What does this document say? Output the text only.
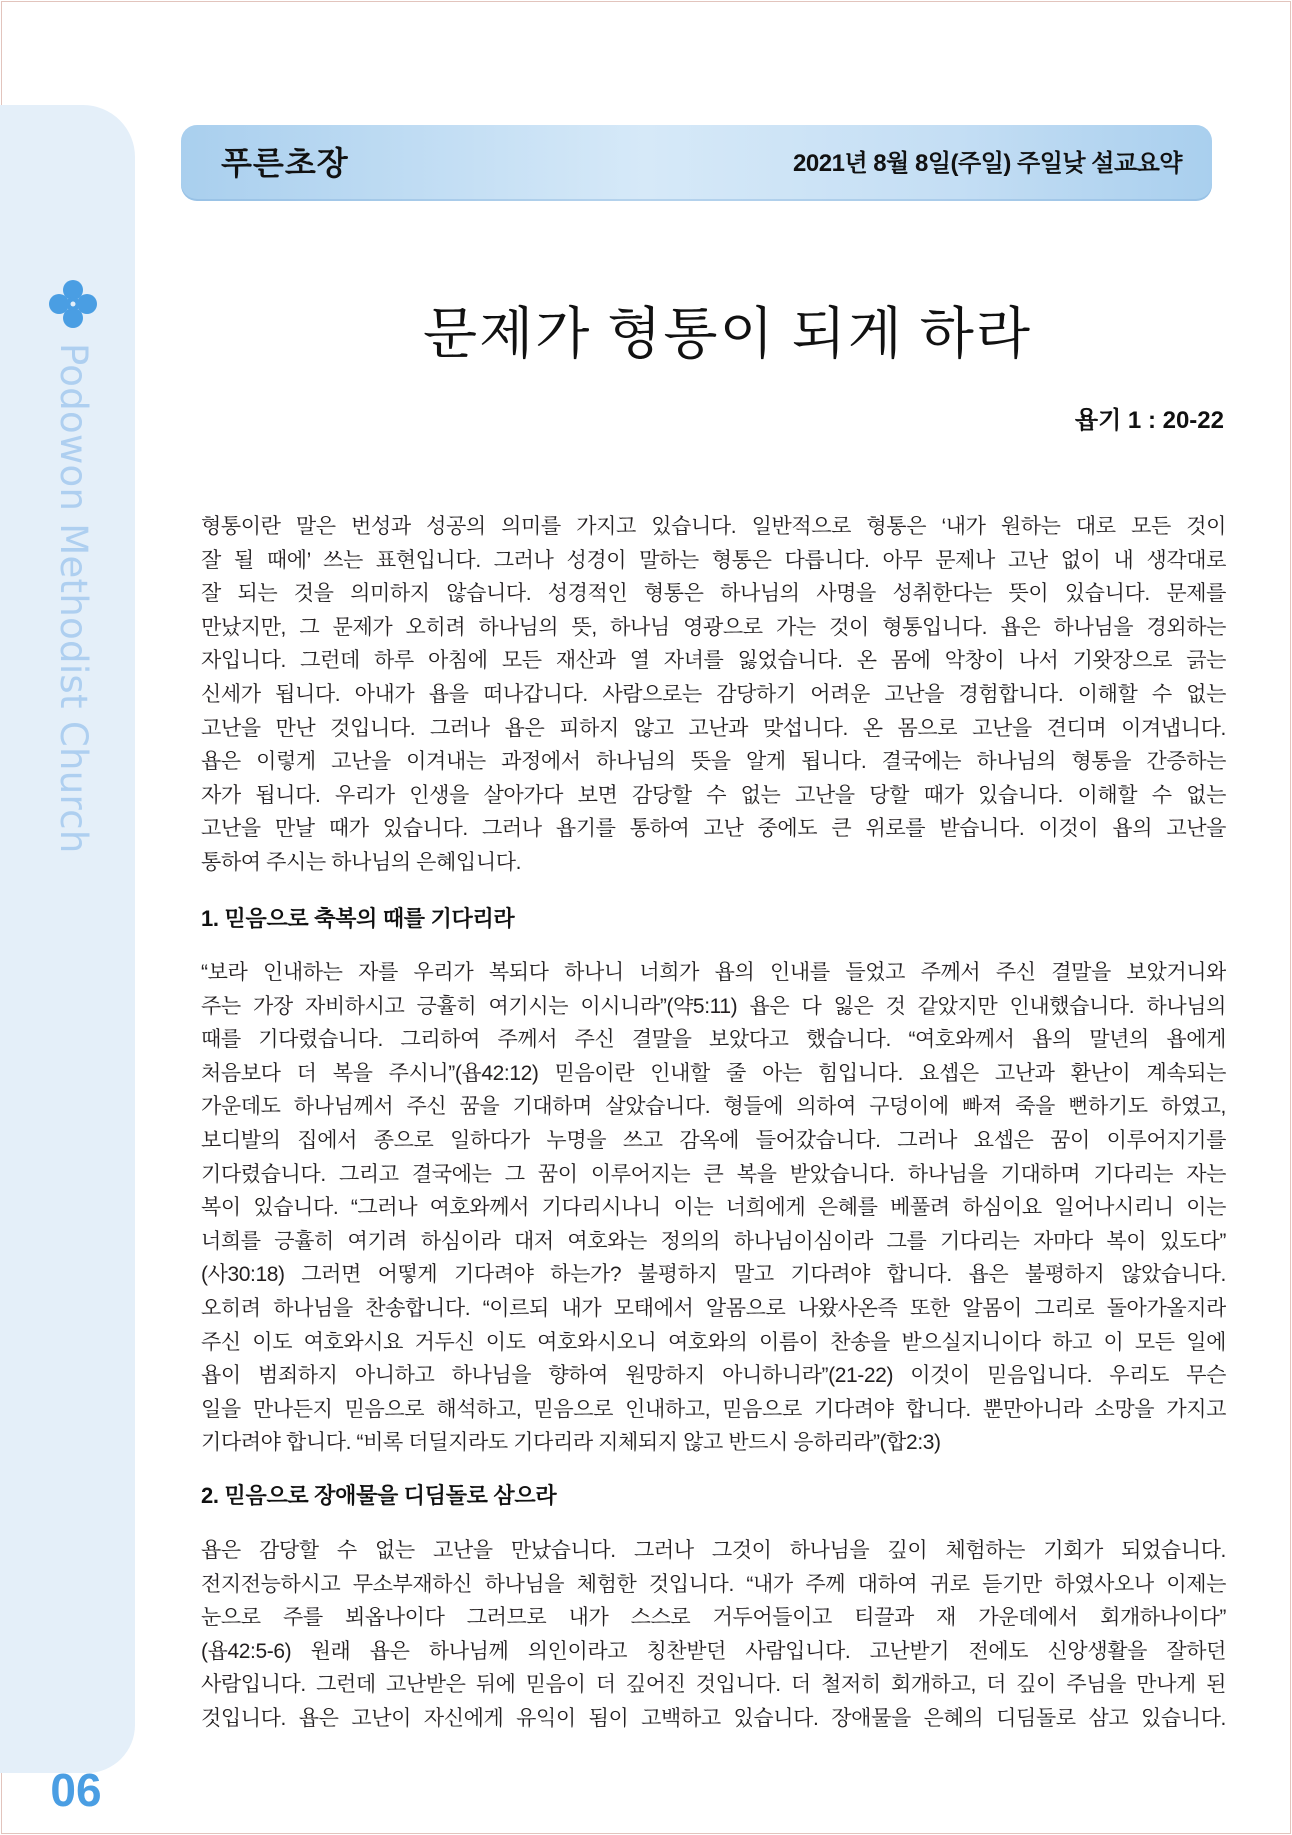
Podowon Methodist Church
06
푸른초장	2021년 8월 8일(주일) 주일낮 설교요약
문제가 형통이 되게 하라
욥기 1 : 20-22
형통이란 말은 번성과 성공의 의미를 가지고 있습니다. 일반적으로 형통은 ‘내가 원하는 대로 모든 것이
잘 될 때에’ 쓰는 표현입니다. 그러나 성경이 말하는 형통은 다릅니다. 아무 문제나 고난 없이 내 생각대로
잘 되는 것을 의미하지 않습니다. 성경적인 형통은 하나님의 사명을 성취한다는 뜻이 있습니다. 문제를
만났지만, 그 문제가 오히려 하나님의 뜻, 하나님 영광으로 가는 것이 형통입니다. 욥은 하나님을 경외하는
자입니다. 그런데 하루 아침에 모든 재산과 열 자녀를 잃었습니다. 온 몸에 악창이 나서 기왓장으로 긁는
신세가 됩니다. 아내가 욥을 떠나갑니다. 사람으로는 감당하기 어려운 고난을 경험합니다. 이해할 수 없는
고난을 만난 것입니다. 그러나 욥은 피하지 않고 고난과 맞섭니다. 온 몸으로 고난을 견디며 이겨냅니다.
욥은 이렇게 고난을 이겨내는 과정에서 하나님의 뜻을 알게 됩니다. 결국에는 하나님의 형통을 간증하는
자가 됩니다. 우리가 인생을 살아가다 보면 감당할 수 없는 고난을 당할 때가 있습니다. 이해할 수 없는
고난을 만날 때가 있습니다. 그러나 욥기를 통하여 고난 중에도 큰 위로를 받습니다. 이것이 욥의 고난을
통하여 주시는 하나님의 은혜입니다.
1. 믿음으로 축복의 때를 기다리라
“보라 인내하는 자를 우리가 복되다 하나니 너희가 욥의 인내를 들었고 주께서 주신 결말을 보았거니와
주는 가장 자비하시고 긍휼히 여기시는 이시니라”(약5:11) 욥은 다 잃은 것 같았지만 인내했습니다. 하나님의
때를 기다렸습니다. 그리하여 주께서 주신 결말을 보았다고 했습니다. “여호와께서 욥의 말년의 욥에게
처음보다 더 복을 주시니”(욥42:12) 믿음이란 인내할 줄 아는 힘입니다. 요셉은 고난과 환난이 계속되는
가운데도 하나님께서 주신 꿈을 기대하며 살았습니다. 형들에 의하여 구덩이에 빠져 죽을 뻔하기도 하였고,
보디발의 집에서 종으로 일하다가 누명을 쓰고 감옥에 들어갔습니다. 그러나 요셉은 꿈이 이루어지기를
기다렸습니다. 그리고 결국에는 그 꿈이 이루어지는 큰 복을 받았습니다. 하나님을 기대하며 기다리는 자는
복이 있습니다. “그러나 여호와께서 기다리시나니 이는 너희에게 은혜를 베풀려 하심이요 일어나시리니 이는
너희를 긍휼히 여기려 하심이라 대저 여호와는 정의의 하나님이심이라 그를 기다리는 자마다 복이 있도다”
(사30:18) 그러면 어떻게 기다려야 하는가? 불평하지 말고 기다려야 합니다. 욥은 불평하지 않았습니다.
오히려 하나님을 찬송합니다. “이르되 내가 모태에서 알몸으로 나왔사온즉 또한 알몸이 그리로 돌아가올지라
주신 이도 여호와시요 거두신 이도 여호와시오니 여호와의 이름이 찬송을 받으실지니이다 하고 이 모든 일에
욥이 범죄하지 아니하고 하나님을 향하여 원망하지 아니하니라”(21-22) 이것이 믿음입니다. 우리도 무슨
일을 만나든지 믿음으로 해석하고, 믿음으로 인내하고, 믿음으로 기다려야 합니다. 뿐만아니라 소망을 가지고
기다려야 합니다. “비록 더딜지라도 기다리라 지체되지 않고 반드시 응하리라”(합2:3)
2. 믿음으로 장애물을 디딤돌로 삼으라
욥은 감당할 수 없는 고난을 만났습니다. 그러나 그것이 하나님을 깊이 체험하는 기회가 되었습니다.
전지전능하시고 무소부재하신 하나님을 체험한 것입니다. “내가 주께 대하여 귀로 듣기만 하였사오나 이제는
눈으로 주를 뵈옵나이다 그러므로 내가 스스로 거두어들이고 티끌과 재 가운데에서 회개하나이다”
(욥42:5-6) 원래 욥은 하나님께 의인이라고 칭찬받던 사람입니다. 고난받기 전에도 신앙생활을 잘하던
사람입니다. 그런데 고난받은 뒤에 믿음이 더 깊어진 것입니다. 더 철저히 회개하고, 더 깊이 주님을 만나게 된
것입니다. 욥은 고난이 자신에게 유익이 됨이 고백하고 있습니다. 장애물을 은혜의 디딤돌로 삼고 있습니다.
